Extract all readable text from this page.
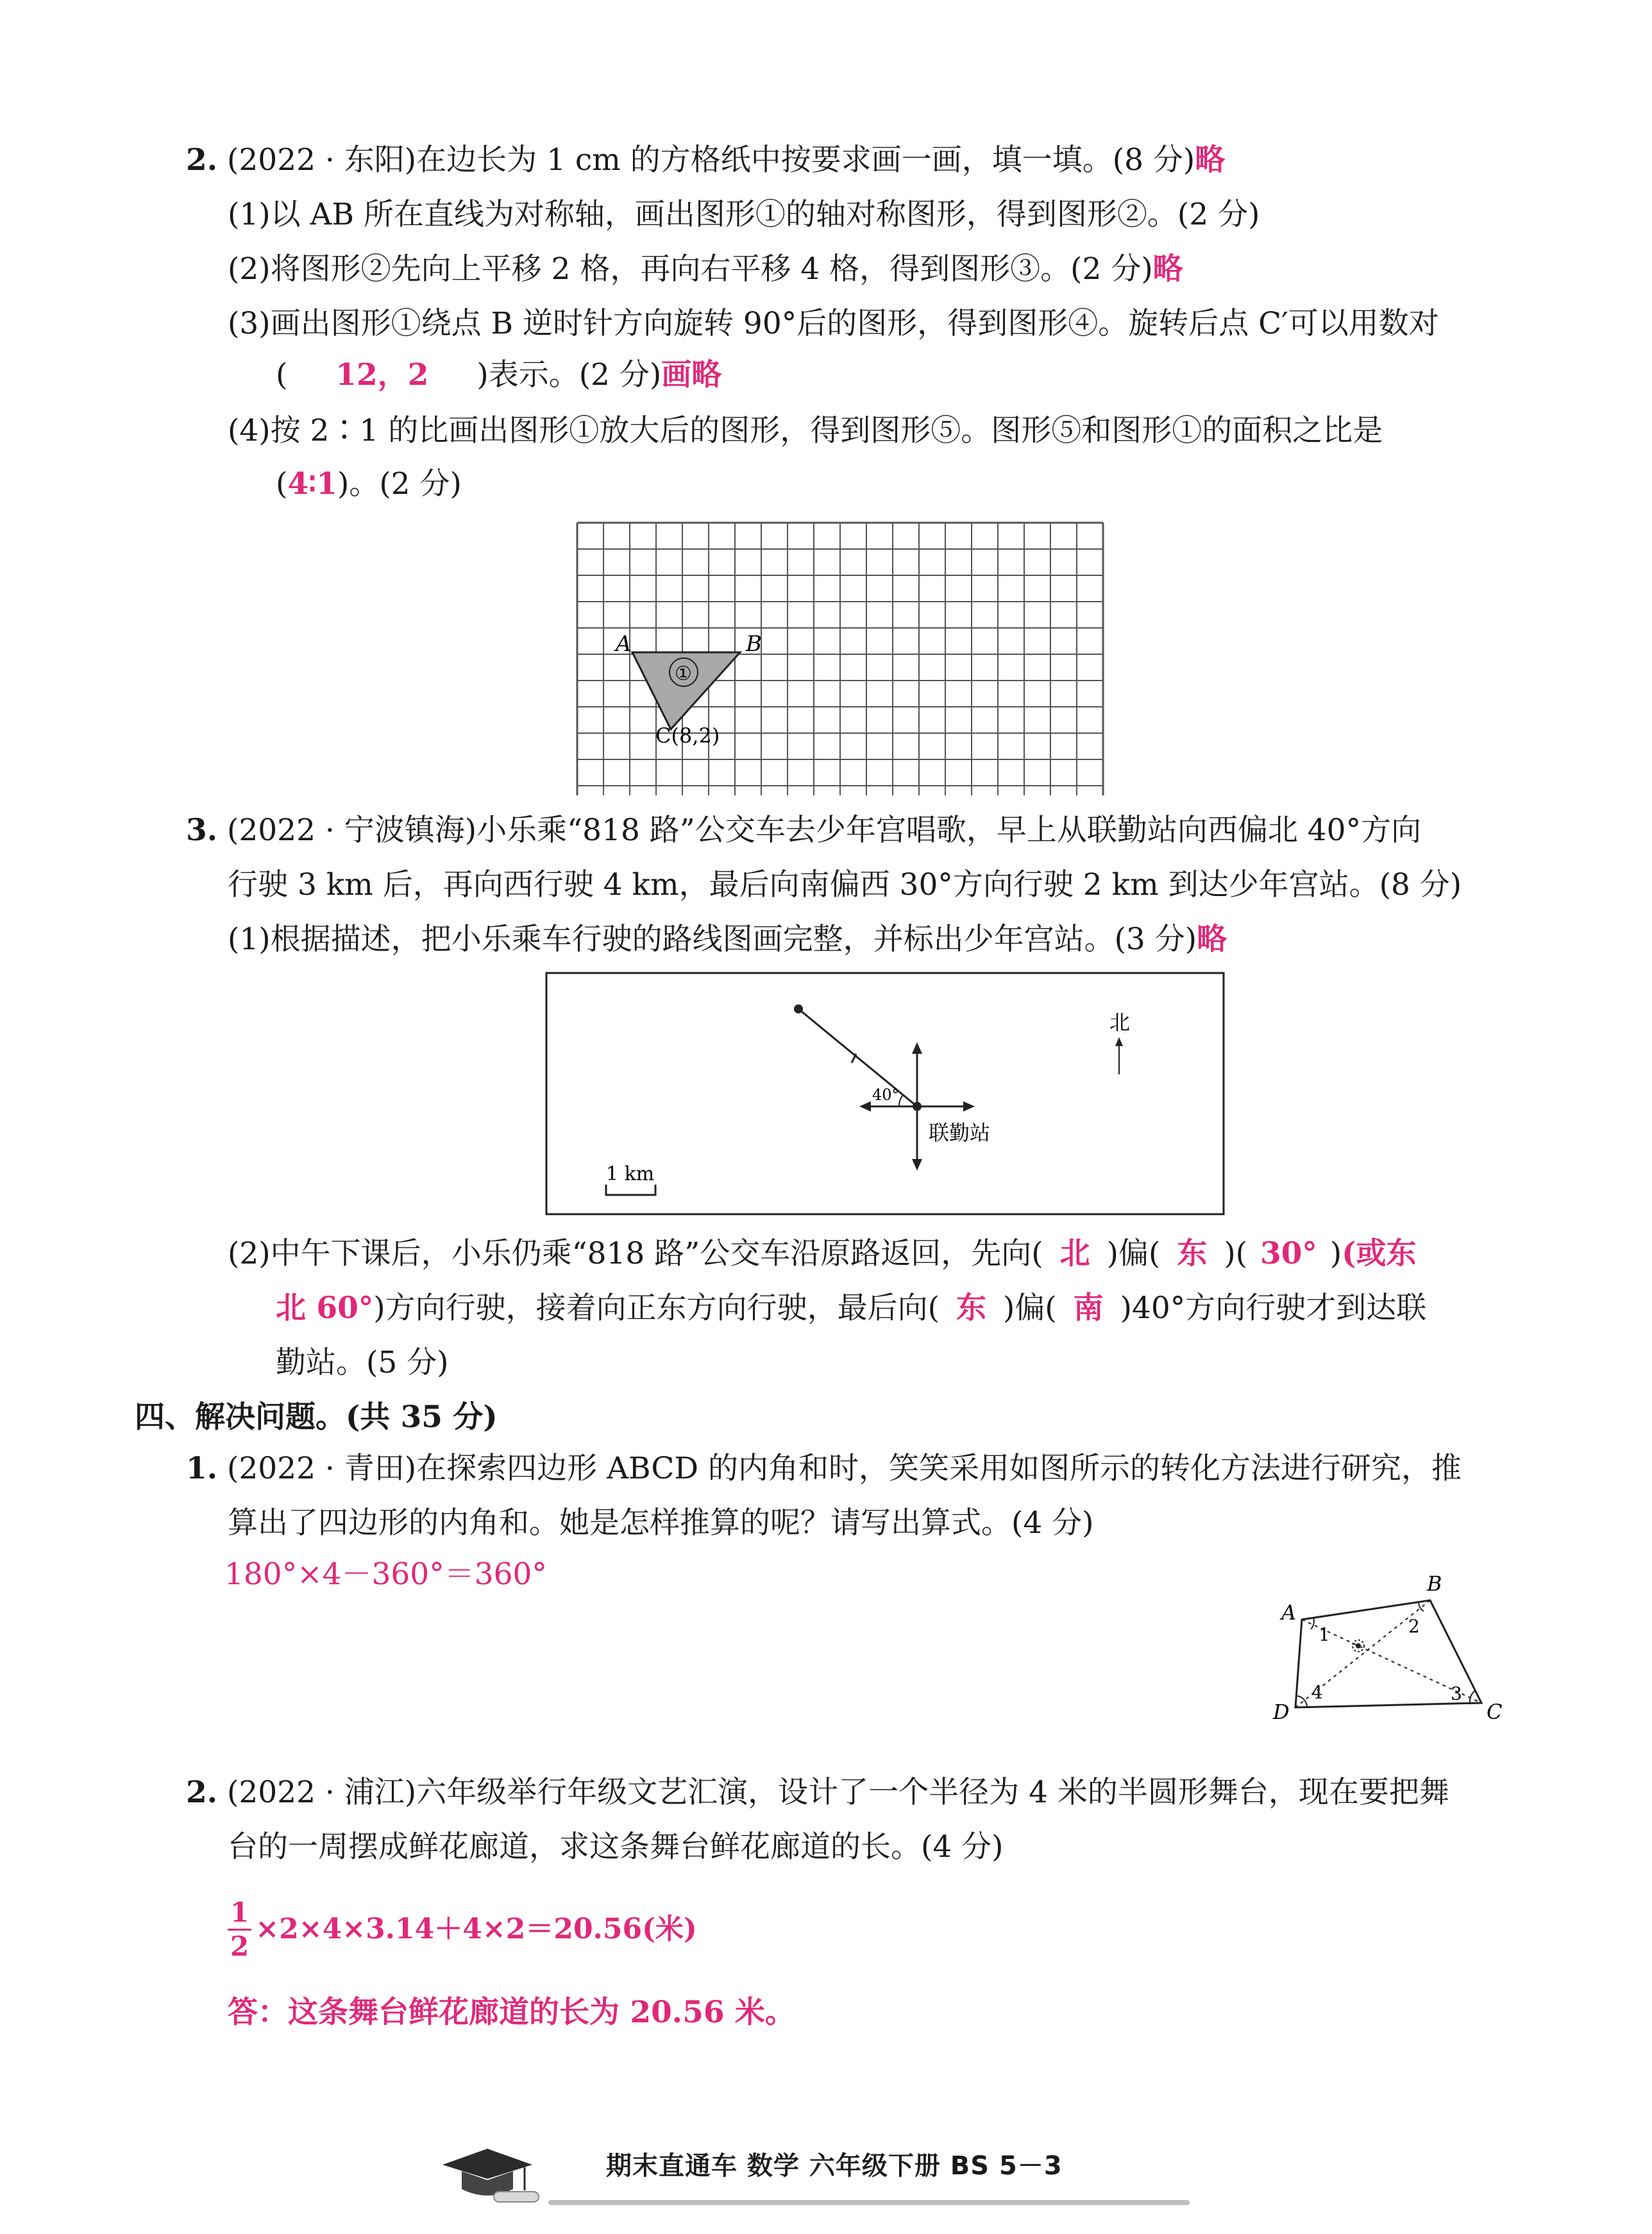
2. (2022 · 东阳)在边长为 1 cm 的方格纸中按要求画一画，填一填。(8 分)略
(1)以 AB 所在直线为对称轴，画出图形①的轴对称图形，得到图形②。(2 分)
(2)将图形②先向上平移 2 格，再向右平移 4 格，得到图形③。(2 分)略
(3)画出图形①绕点 B 逆时针方向旋转 90°后的图形，得到图形④。旋转后点 C′可以用数对
( 12，2 )表示。(2 分)画略
(4)按 2∶1 的比画出图形①放大后的图形，得到图形⑤。图形⑤和图形①的面积之比是
(4∶1)。(2 分)
①
A	B
C(8,2)
3. (2022 · 宁波镇海)小乐乘“818 路”公交车去少年宫唱歌，早上从联勤站向西偏北 40°方向
行驶 3 km 后，再向西行驶 4 km，最后向南偏西 30°方向行驶 2 km 到达少年宫站。(8 分)
(1)根据描述，把小乐乘车行驶的路线图画完整，并标出少年宫站。(3 分)略
40°
联勤站
北
1 km
(2)中午下课后，小乐仍乘“818 路”公交车沿原路返回，先向( 北 )偏( 东 )( 30° )(或东
北 60°)方向行驶，接着向正东方向行驶，最后向( 东 )偏( 南 )40°方向行驶才到达联
勤站。(5 分)
四、解决问题。(共 35 分)
1. (2022 · 青田)在探索四边形 ABCD 的内角和时，笑笑采用如图所示的转化方法进行研究，推
算出了四边形的内角和。她是怎样推算的呢？请写出算式。(4 分)
180°×4－360°＝360°
A
B
C
D
1	2
3
4
2. (2022 · 浦江)六年级举行年级文艺汇演，设计了一个半径为 4 米的半圆形舞台，现在要把舞
台的一周摆成鲜花廊道，求这条舞台鲜花廊道的长。(4 分)
$\frac{1}{2} \times 2\times 4\times 3.14+4\times 2=20.56$(米)
答：这条舞台鲜花廊道的长为 20.56 米。
期末直通车 数学 六年级下册 BS 5－3
